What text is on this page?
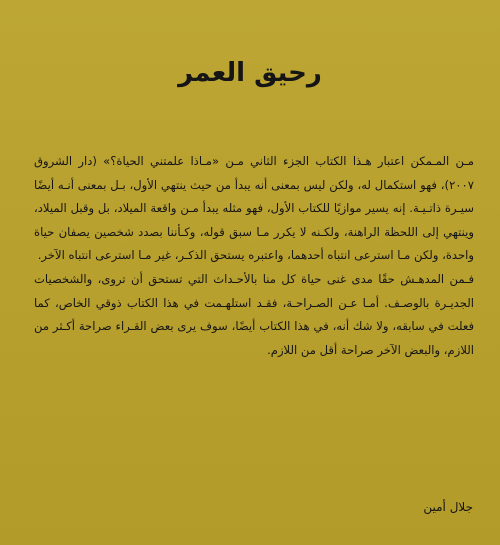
رحيق العمر

مـن المـمكن اعتبار هـذا الكتاب الجزء الثاني مـن «مـاذا علمتني الحياة؟» (دار الشروق ٢٠٠٧)، فهو استكمال له، ولكن ليس بمعنى أنه يبدأ من حيث ينتهي الأول، بـل بمعنى أنـه أيضًا سيـرة ذاتـيـة. إنه يسير موازيًا للكتاب الأول، فهو مثله يبدأ مـن واقعة الميلاد، بل وقبل الميلاد، وينتهي إلى اللحظة الراهنة، ولكـنه لا يكرر مـا سبق قوله، وكـأننا بصدد شخصين يصفان حياة واحدة، ولكن مـا استرعى انتباه أحدهما، واعتبره يستحق الذكـر، غير مـا استرعى انتباه الآخر.

فـمن المدهـش حقًا مدى غنى حياة كل منا بالأحـداث التي تستحق أن تروى، والشخصيات الجديـرة بالوصـف. أمـا عـن الصـراحـة، فقـد استلهـمت في هذا الكتاب ذوقي الخاص، كما فعلت في سابقه، ولا شك أنه، في هذا الكتاب أيضًا، سوف يرى بعض القـراء صراحة أكـثر من اللازم، والبعض الآخر صراحة أقل من اللازم.

جلال أمين
